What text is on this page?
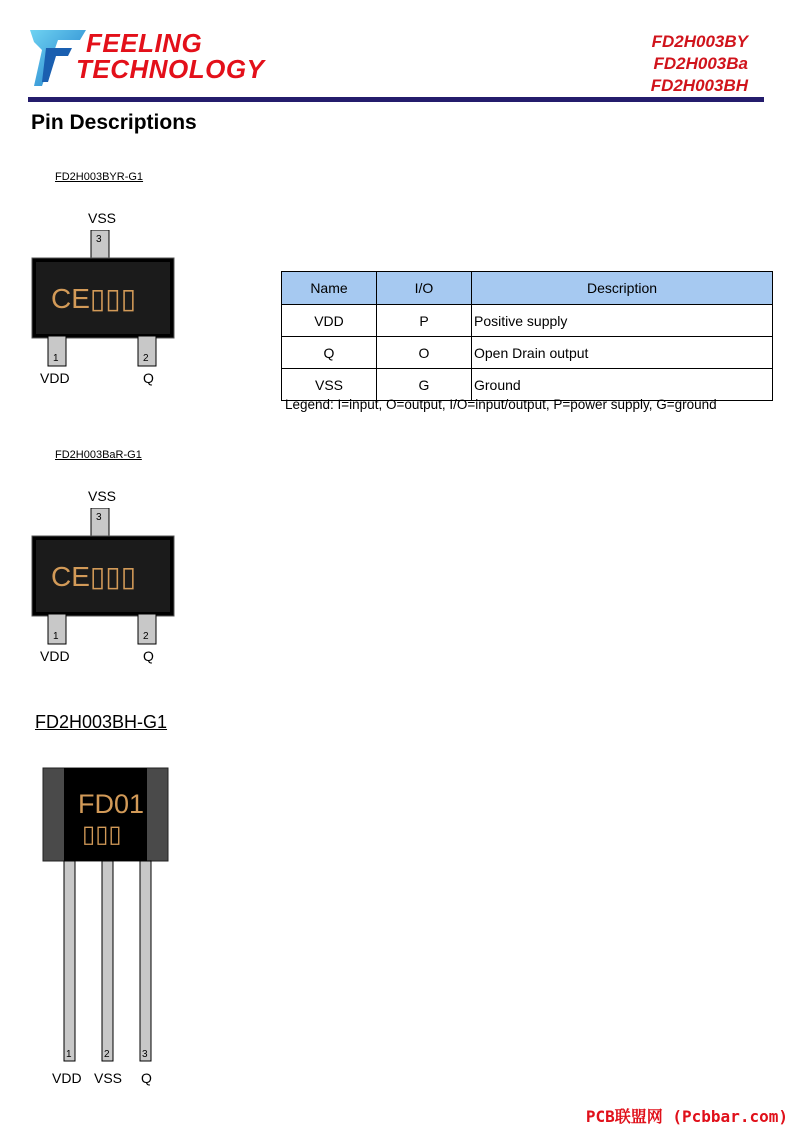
FEELING
TECHNOLOGY
FD2H003BY
FD2H003Ba
FD2H003BH
Pin Descriptions
FD2H003BYR-G1
VSS
3
1	2
CE▯▯▯
VDD	Q
Name	I/O	Description
VDD	P	Positive supply
Q	O	Open Drain output
VSS	G	Ground
Legend: I=input, O=output, I/O=input/output, P=power supply, G=ground
FD2H003BaR-G1
VSS
3
1	2
CE▯▯▯
VDD	Q
FD2H003BH-G1
FD01
▯▯▯
1	2	3
VDD VSS Q
PCB联盟网 (Pcbbar.com)
